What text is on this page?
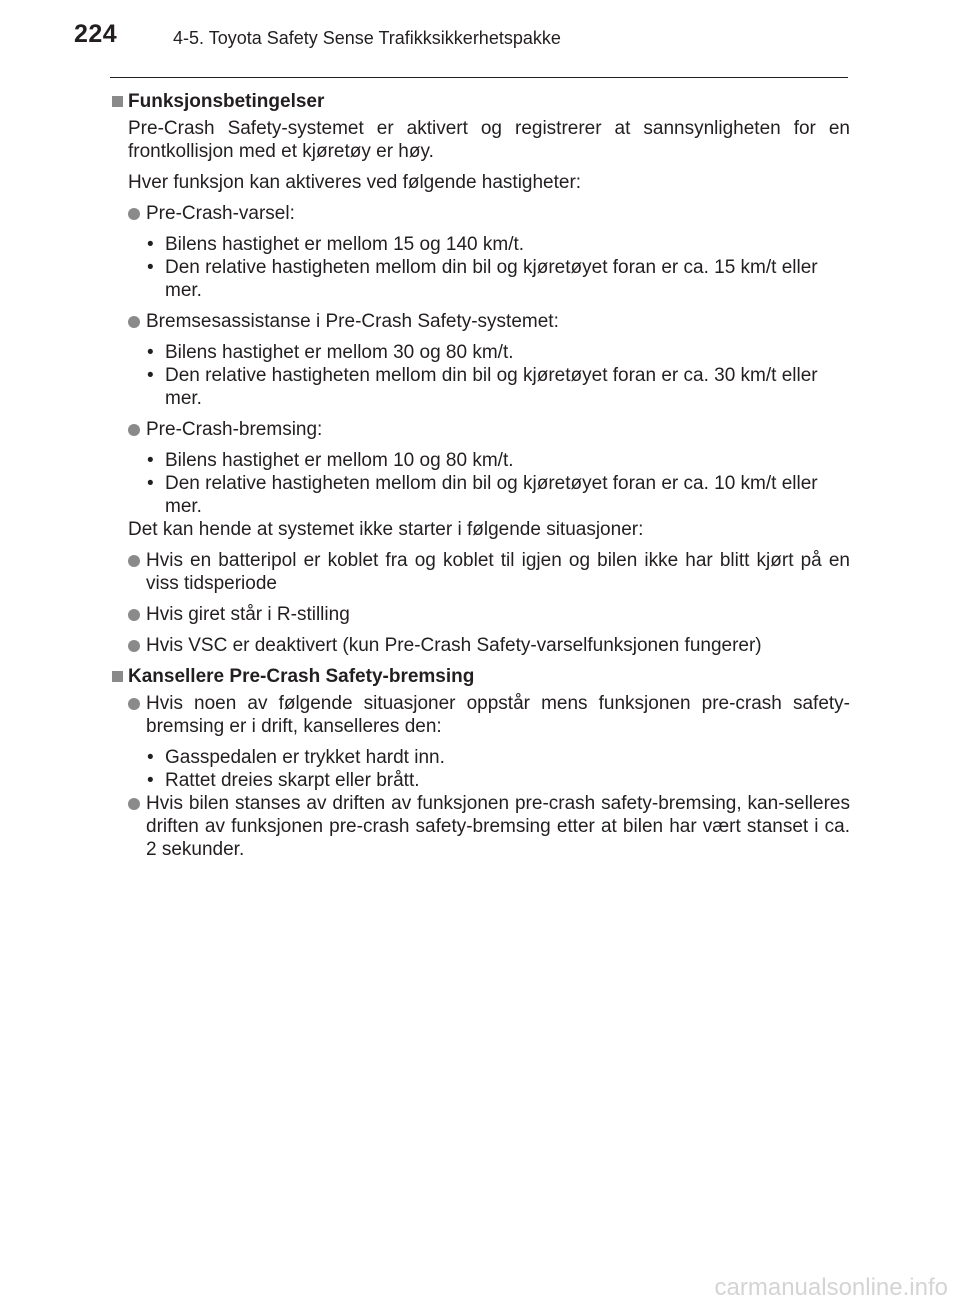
224	4-5. Toyota Safety Sense Trafikksikkerhetspakke
Funksjonsbetingelser
Pre-Crash Safety-systemet er aktivert og registrerer at sannsynligheten for en frontkollisjon med et kjøretøy er høy.
Hver funksjon kan aktiveres ved følgende hastigheter:
Pre-Crash-varsel:
• Bilens hastighet er mellom 15 og 140 km/t.
• Den relative hastigheten mellom din bil og kjøretøyet foran er ca. 15 km/t eller mer.
Bremsesassistanse i Pre-Crash Safety-systemet:
• Bilens hastighet er mellom 30 og 80 km/t.
• Den relative hastigheten mellom din bil og kjøretøyet foran er ca. 30 km/t eller mer.
Pre-Crash-bremsing:
• Bilens hastighet er mellom 10 og 80 km/t.
• Den relative hastigheten mellom din bil og kjøretøyet foran er ca. 10 km/t eller mer.
Det kan hende at systemet ikke starter i følgende situasjoner:
Hvis en batteripol er koblet fra og koblet til igjen og bilen ikke har blitt kjørt på en viss tidsperiode
Hvis giret står i R-stilling
Hvis VSC er deaktivert (kun Pre-Crash Safety-varselfunksjonen fungerer)
Kansellere Pre-Crash Safety-bremsing
Hvis noen av følgende situasjoner oppstår mens funksjonen pre-crash safety-bremsing er i drift, kanselleres den:
• Gasspedalen er trykket hardt inn.
• Rattet dreies skarpt eller brått.
Hvis bilen stanses av driften av funksjonen pre-crash safety-bremsing, kan-selleres driften av funksjonen pre-crash safety-bremsing etter at bilen har vært stanset i ca. 2 sekunder.
carmanualsonline.info
